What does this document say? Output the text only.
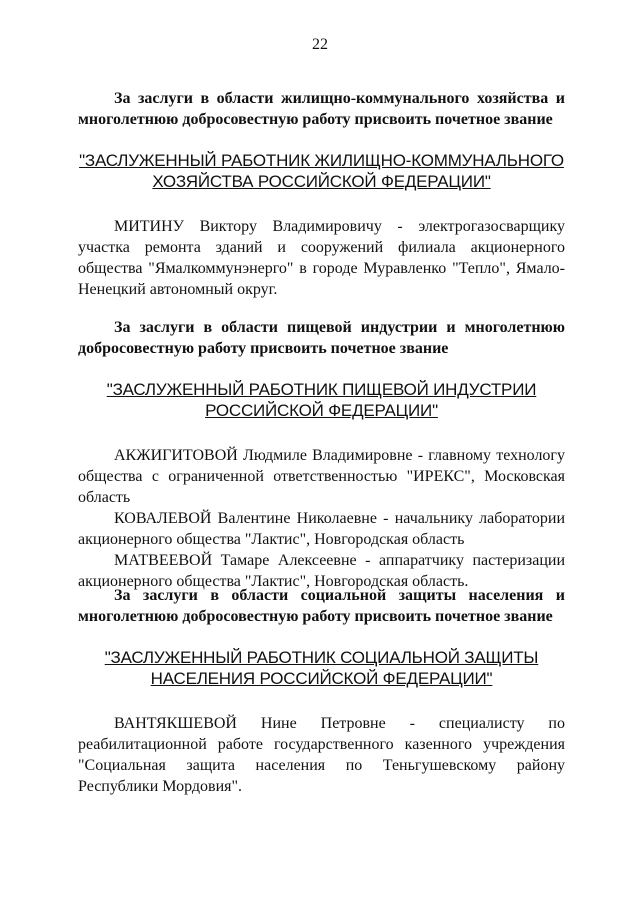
22

За заслуги в области жилищно-коммунального хозяйства и многолетнюю добросовестную работу присвоить почетное звание

"ЗАСЛУЖЕННЫЙ РАБОТНИК ЖИЛИЩНО-КОММУНАЛЬНОГО
ХОЗЯЙСТВА РОССИЙСКОЙ ФЕДЕРАЦИИ"

МИТИНУ Виктору Владимировичу - электрогазосварщику участка ремонта зданий и сооружений филиала акционерного общества "Ямалкоммунэнерго" в городе Муравленко "Тепло", Ямало-Ненецкий автономный округ.

За заслуги в области пищевой индустрии и многолетнюю добросовестную работу присвоить почетное звание

"ЗАСЛУЖЕННЫЙ РАБОТНИК ПИЩЕВОЙ ИНДУСТРИИ
РОССИЙСКОЙ ФЕДЕРАЦИИ"

АКЖИГИТОВОЙ Людмиле Владимировне - главному технологу общества с ограниченной ответственностью "ИРЕКС", Московская область

КОВАЛЕВОЙ Валентине Николаевне - начальнику лаборатории акционерного общества "Лактис", Новгородская область

МАТВЕЕВОЙ Тамаре Алексеевне - аппаратчику пастеризации акционерного общества "Лактис", Новгородская область.

За заслуги в области социальной защиты населения и многолетнюю добросовестную работу присвоить почетное звание

"ЗАСЛУЖЕННЫЙ РАБОТНИК СОЦИАЛЬНОЙ ЗАЩИТЫ
НАСЕЛЕНИЯ РОССИЙСКОЙ ФЕДЕРАЦИИ"

ВАНТЯКШЕВОЙ Нине Петровне - специалисту по реабилитационной работе государственного казенного учреждения "Социальная защита населения по Теньгушевскому району Республики Мордовия".
